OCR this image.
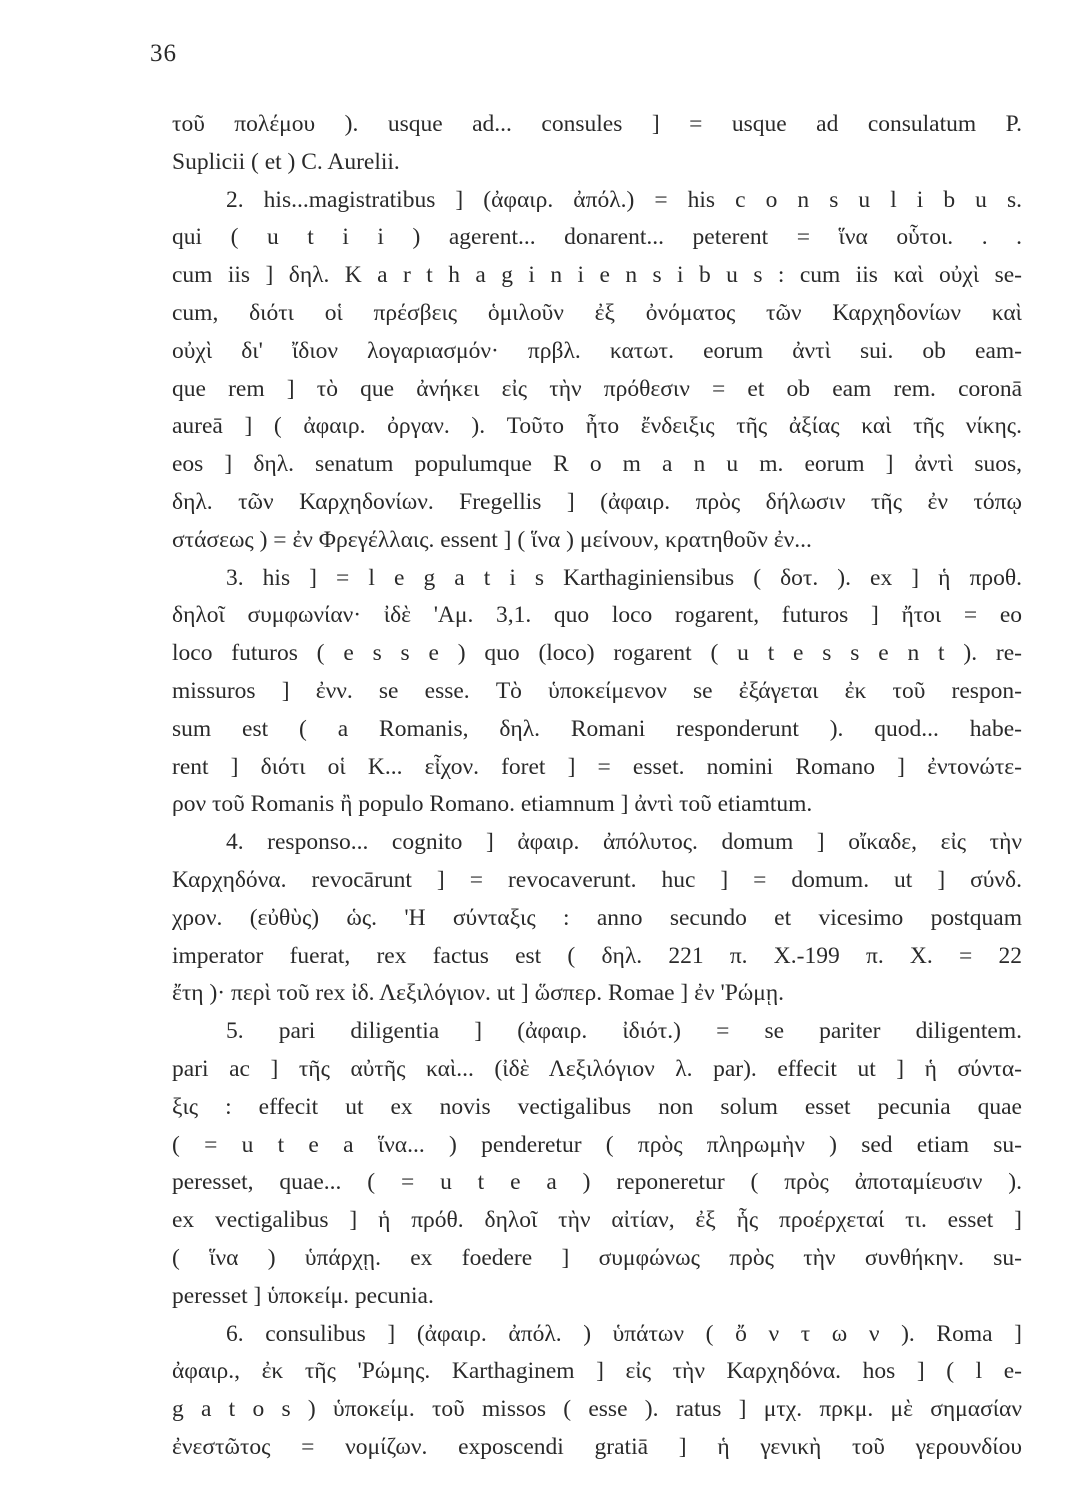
36
τοῦ πολέμου ). usque ad... consules ] = usque ad consulatum P.
Suplicii ( et ) C. Aurelii.
2. his...magistratibus ] (ἀφαιρ. ἀπόλ.) = his c o n s u l i b u s.
qui ( u t i i ) agerent... donarent... peterent = ἵνα οὗτοι. . .
cum iis ] δηλ. K a r t h a g i n i e n s i b u s : cum iis καὶ οὐχὶ se-
cum, διότι οἱ πρέσβεις ὁμιλοῦν ἐξ ὀνόματος τῶν Καρχηδονίων καὶ
οὐχὶ δι' ἴδιον λογαριασμόν· πρβλ. κατωτ. eorum ἀντὶ sui. ob eam-
que rem ] τὸ que ἀνήκει εἰς τὴν πρόθεσιν = et ob eam rem. coronā
aureā ] ( ἀφαιρ. ὀργαν. ). Τοῦτο ἦτο ἔνδειξις τῆς ἀξίας καὶ τῆς νίκης.
eos ] δηλ. senatum populumque R o m a n u m. eorum ] ἀντὶ suos,
δηλ. τῶν Καρχηδονίων. Fregellis ] (ἀφαιρ. πρὸς δήλωσιν τῆς ἐν τόπῳ
στάσεως ) = ἐν Φρεγέλλαις. essent ] ( ἵνα ) μείνουν, κρατηθοῦν ἐν...
3. his ] = l e g a t i s Karthaginiensibus ( δοτ. ). ex ] ἡ προθ.
δηλοῖ συμφωνίαν· ἰδὲ 'Αμ. 3,1. quo loco rogarent, futuros ] ἤτοι = eo
loco futuros ( e s s e ) quo (loco) rogarent ( u t e s s e n t ). re-
missuros ] ἐνν. se esse. Τὸ ὑποκείμενον se ἐξάγεται ἐκ τοῦ respon-
sum est ( a Romanis, δηλ. Romani responderunt ). quod... habe-
rent ] διότι οἱ Κ... εἶχον. foret ] = esset. nomini Romano ] ἐντονώτε-
ρον τοῦ Romanis ἢ populo Romano. etiamnum ] ἀντὶ τοῦ etiamtum.
4. responso... cognito ] ἀφαιρ. ἀπόλυτος. domum ] οἴκαδε, εἰς τὴν
Καρχηδόνα. revocārunt ] = revocaverunt. huc ] = domum. ut ] σύνδ.
χρον. (εὐθὺς) ὡς. 'Η σύνταξις : anno secundo et vicesimo postquam
imperator fuerat, rex factus est ( δηλ. 221 π. Χ.-199 π. Χ. = 22
ἔτη )· περὶ τοῦ rex ἰδ. Λεξιλόγιον. ut ] ὥσπερ. Romae ] ἐν 'Ρώμῃ.
5. pari diligentia ] (ἀφαιρ. ἰδιότ.) = se pariter diligentem.
pari ac ] τῆς αὐτῆς καὶ... (ἰδὲ Λεξιλόγιον λ. par). effecit ut ] ἡ σύντα-
ξις : effecit ut ex novis vectigalibus non solum esset pecunia quae
( = u t e a ἵνα... ) penderetur ( πρὸς πληρωμὴν ) sed etiam su-
peresset, quae... ( = u t e a ) reponeretur ( πρὸς ἀποταμίευσιν ).
ex vectigalibus ] ἡ πρόθ. δηλοῖ τὴν αἰτίαν, ἐξ ἧς προέρχεταί τι. esset ]
( ἵνα ) ὑπάρχῃ. ex foedere ] συμφώνως πρὸς τὴν συνθήκην. su-
peresset ] ὑποκείμ. pecunia.
6. consulibus ] (ἀφαιρ. ἀπόλ. ) ὑπάτων ( ὄ ν τ ω ν ). Roma ]
ἀφαιρ., ἐκ τῆς 'Ρώμης. Karthaginem ] εἰς τὴν Καρχηδόνα. hos ] ( l e-
g a t o s ) ὑποκείμ. τοῦ missos ( esse ). ratus ] μτχ. πρκμ. μὲ σημασίαν
ἐνεστῶτος = νομίζων. exposcendi gratiā ] ἡ γενικὴ τοῦ γερουνδίου
